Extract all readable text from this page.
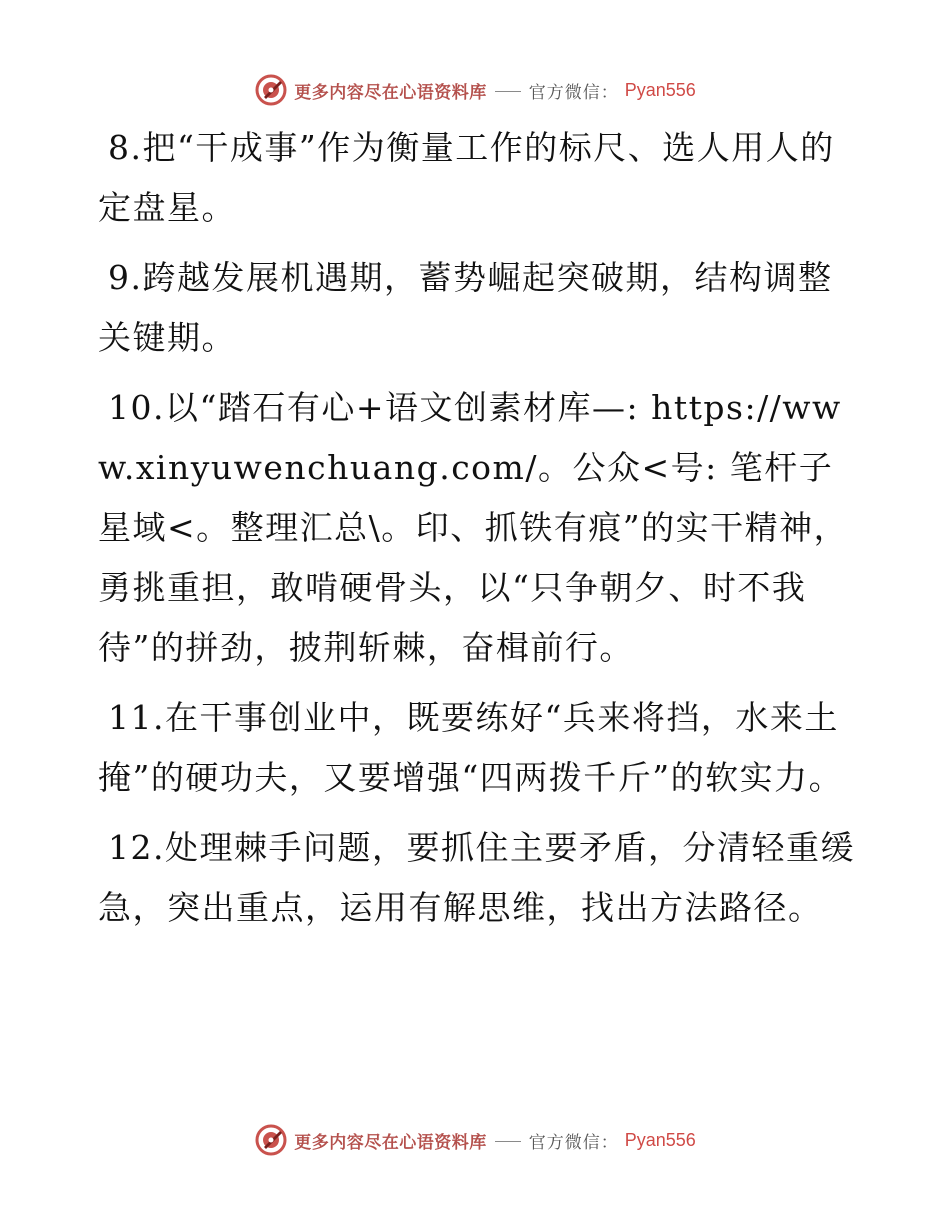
更多内容尽在心语资料库 官方微信： Pyan556

8.把“干成事”作为衡量工作的标尺、选人用人的定盘星。

9.跨越发展机遇期，蓄势崛起突破期，结构调整关键期。

10.以“踏石有心+语文创素材库—: https://www.xinyuwenchuang.com/。公众<号: 笔杆子星域<。整理汇总\。印、抓铁有痕”的实干精神，勇挑重担，敢啃硬骨头，以“只争朝夕、时不我待”的拼劲，披荆斩棘，奋楫前行。

11.在干事创业中，既要练好“兵来将挡，水来土掩”的硬功夫，又要增强“四两拨千斤”的软实力。

12.处理棘手问题，要抓住主要矛盾，分清轻重缓急，突出重点，运用有解思维，找出方法路径。

更多内容尽在心语资料库 官方微信： Pyan556
